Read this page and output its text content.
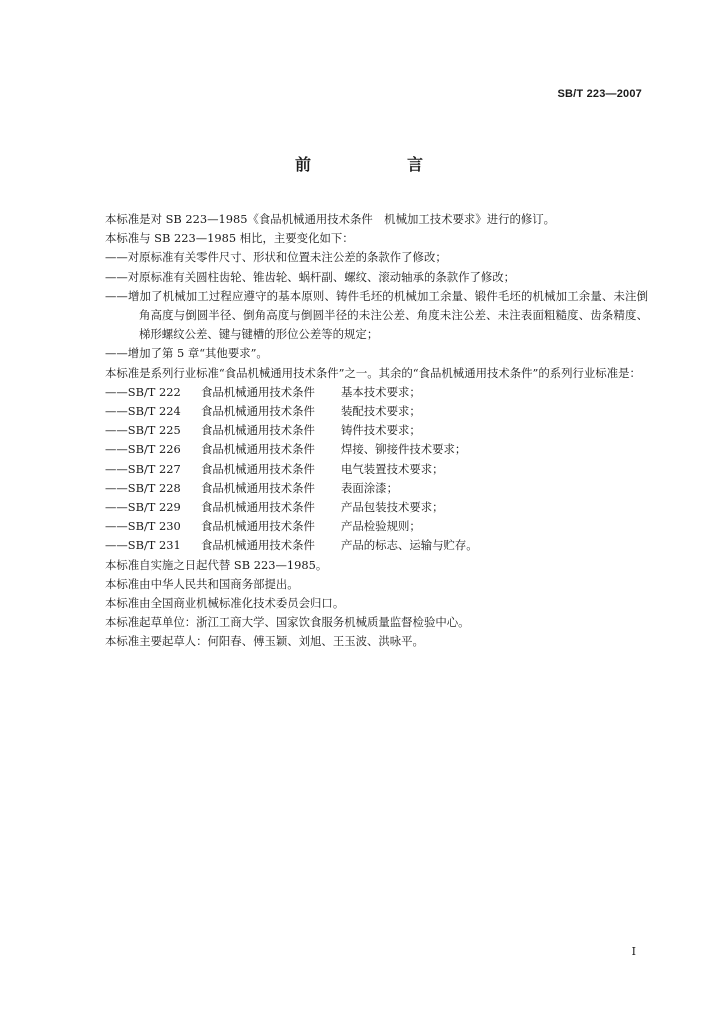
SB/T 223—2007
前　言

本标准是对 SB 223—1985《食品机械通用技术条件　机械加工技术要求》进行的修订。

本标准与 SB 223—1985 相比，主要变化如下：

——对原标准有关零件尺寸、形状和位置未注公差的条款作了修改；

——对原标准有关圆柱齿轮、锥齿轮、蜗杆副、螺纹、滚动轴承的条款作了修改；

——增加了机械加工过程应遵守的基本原则、铸件毛坯的机械加工余量、锻件毛坯的机械加工余量、未注倒角高度与倒圆半径、倒角高度与倒圆半径的未注公差、角度未注公差、未注表面粗糙度、齿条精度、梯形螺纹公差、键与键槽的形位公差等的规定；

——增加了第 5 章“其他要求”。

本标准是系列行业标准“食品机械通用技术条件”之一。其余的“食品机械通用技术条件”的系列行业标准是：

——SB/T 222	食品机械通用技术条件	基本技术要求；
——SB/T 224	食品机械通用技术条件	装配技术要求；
——SB/T 225	食品机械通用技术条件	铸件技术要求；
——SB/T 226	食品机械通用技术条件	焊接、铆接件技术要求；
——SB/T 227	食品机械通用技术条件	电气装置技术要求；
——SB/T 228	食品机械通用技术条件	表面涂漆；
——SB/T 229	食品机械通用技术条件	产品包装技术要求；
——SB/T 230	食品机械通用技术条件	产品检验规则；
——SB/T 231	食品机械通用技术条件	产品的标志、运输与贮存。

本标准自实施之日起代替 SB 223—1985。

本标准由中华人民共和国商务部提出。

本标准由全国商业机械标准化技术委员会归口。

本标准起草单位：浙江工商大学、国家饮食服务机械质量监督检验中心。

本标准主要起草人：何阳春、傅玉颖、刘旭、王玉波、洪咏平。

I
